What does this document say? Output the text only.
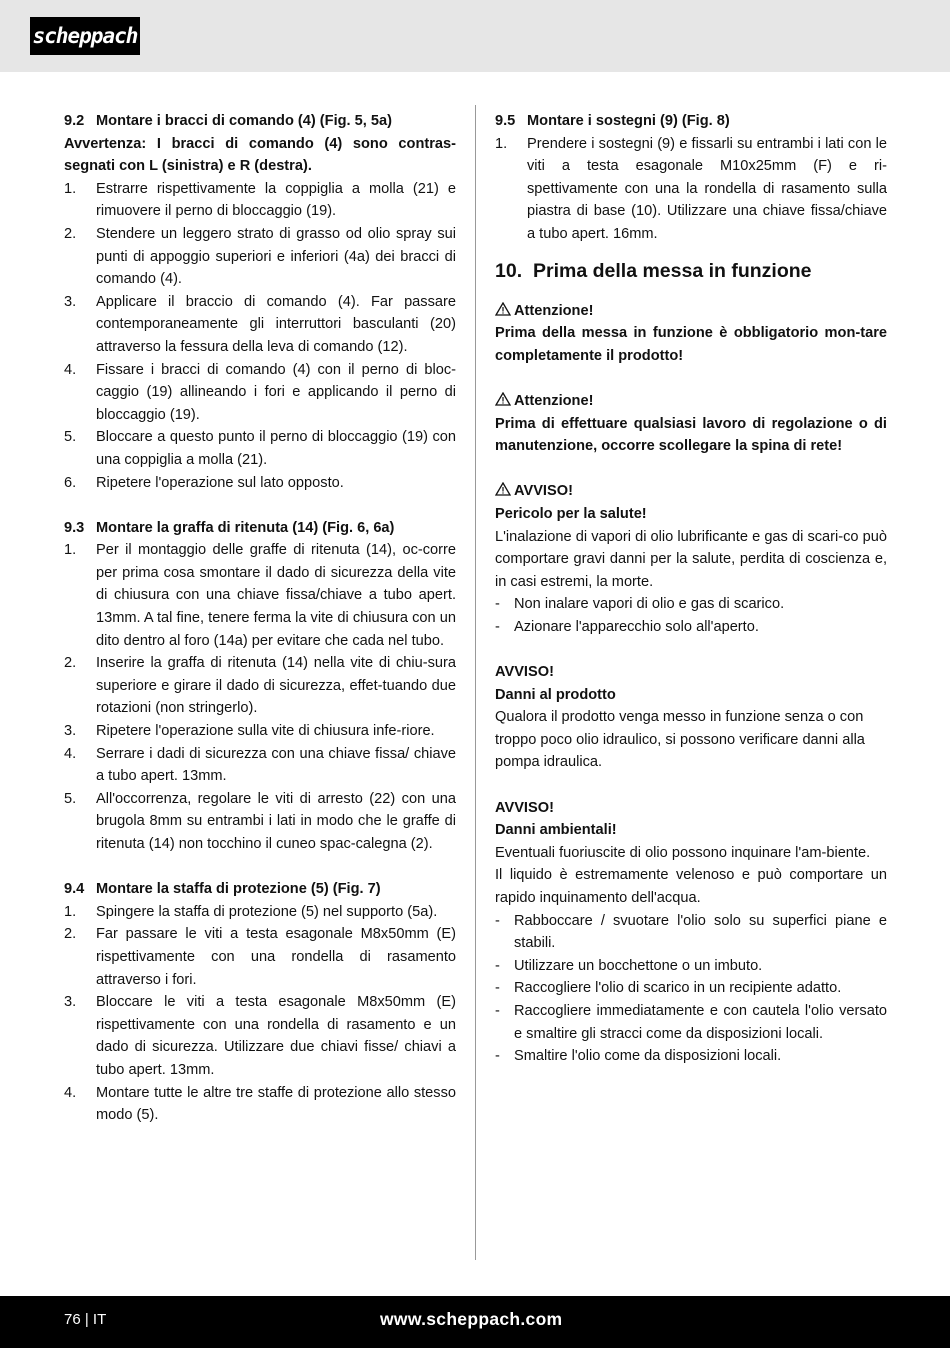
scheppach
9.2 Montare i bracci di comando (4) (Fig. 5, 5a)

Avvertenza: I bracci di comando (4) sono contras-segnati con L (sinistra) e R (destra).

1.	Estrarre rispettivamente la coppiglia a molla (21) e rimuovere il perno di bloccaggio (19).
2.	Stendere un leggero strato di grasso od olio spray sui punti di appoggio superiori e inferiori (4a) dei bracci di comando (4).
3.	Applicare il braccio di comando (4). Far passare contemporaneamente gli interruttori basculanti (20) attraverso la fessura della leva di comando (12).
4.	Fissare i bracci di comando (4) con il perno di bloc-caggio (19) allineando i fori e applicando il perno di bloccaggio (19).
5.	Bloccare a questo punto il perno di bloccaggio (19) con una coppiglia a molla (21).
6.	Ripetere l'operazione sul lato opposto.
9.3 Montare la graffa di ritenuta (14) (Fig. 6, 6a)
1.	Per il montaggio delle graffe di ritenuta (14), oc-corre per prima cosa smontare il dado di sicurezza della vite di chiusura con una chiave fissa/chiave a tubo apert. 13mm. A tal fine, tenere ferma la vite di chiusura con un dito dentro al foro (14a) per evitare che cada nel tubo.
2.	Inserire la graffa di ritenuta (14) nella vite di chiu-sura superiore e girare il dado di sicurezza, effet-tuando due rotazioni (non stringerlo).
3.	Ripetere l'operazione sulla vite di chiusura infe-riore.
4.	Serrare i dadi di sicurezza con una chiave fissa/ chiave a tubo apert. 13mm.
5.	All'occorrenza, regolare le viti di arresto (22) con una brugola 8mm su entrambi i lati in modo che le graffe di ritenuta (14) non tocchino il cuneo spac-calegna (2).
9.4 Montare la staffa di protezione (5) (Fig. 7)
1.	Spingere la staffa di protezione (5) nel supporto (5a).
2.	Far passare le viti a testa esagonale M8x50mm (E) rispettivamente con una rondella di rasamento attraverso i fori.
3.	Bloccare le viti a testa esagonale M8x50mm (E) rispettivamente con una rondella di rasamento e un dado di sicurezza. Utilizzare due chiavi fisse/ chiavi a tubo apert. 13mm.
4.	Montare tutte le altre tre staffe di protezione allo stesso modo (5).
9.5 Montare i sostegni (9) (Fig. 8)
1.	Prendere i sostegni (9) e fissarli su entrambi i lati con le viti a testa esagonale M10x25mm (F) e ri-spettivamente con una la rondella di rasamento sulla piastra di base (10). Utilizzare una chiave fissa/chiave a tubo apert. 16mm.

10. Prima della messa in funzione

Attenzione!

Prima della messa in funzione è obbligatorio mon-tare completamente il prodotto!

Attenzione!

Prima di effettuare qualsiasi lavoro di regolazione o di manutenzione, occorre scollegare la spina di rete!

AVVISO!

Pericolo per la salute!

L'inalazione di vapori di olio lubrificante e gas di scari-co può comportare gravi danni per la salute, perdita di coscienza e, in casi estremi, la morte.

- Non inalare vapori di olio e gas di scarico.
- Azionare l'apparecchio solo all'aperto.

AVVISO!

Danni al prodotto

Qualora il prodotto venga messo in funzione senza o con troppo poco olio idraulico, si possono verificare danni alla pompa idraulica.

AVVISO!

Danni ambientali!

Eventuali fuoriuscite di olio possono inquinare l'am-biente.

Il liquido è estremamente velenoso e può comportare un rapido inquinamento dell'acqua.

- Rabboccare / svuotare l'olio solo su superfici piane e stabili.
- Utilizzare un bocchettone o un imbuto.
- Raccogliere l'olio di scarico in un recipiente adatto.
- Raccogliere immediatamente e con cautela l'olio versato e smaltire gli stracci come da disposizioni locali.
- Smaltire l'olio come da disposizioni locali.
76 | IT	www.scheppach.com
